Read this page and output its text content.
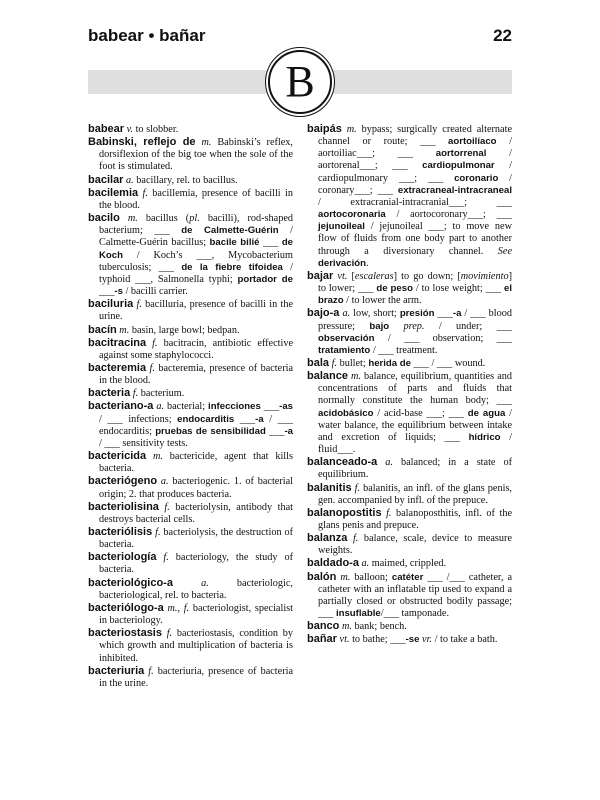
babear • bañar	22
B

babear v. to slobber.

Babinski, reflejo de m. Babinski’s reflex, dorsiflexion of the big toe when the sole of the foot is stimulated.

bacilar a. bacillary, rel. to bacillus.

bacilemia f. bacillemia, presence of bacilli in the blood.

bacilo m. bacillus (pl. bacilli), rod-shaped bacterium; ___ de Calmette-Guérin / Calmette-Guérin bacillus; bacile bilié ___ de Koch / Koch’s ___, Mycobacterium tuberculosis; ___ de la fiebre tifoidea / typhoid ___, Salmonella typhi; portador de ___-s / bacilli carrier.

baciluria f. bacilluria, presence of bacilli in the urine.

bacín m. basin, large bowl; bedpan.

bacitracina f. bacitracin, antibiotic effective against some staphylococci.

bacteremia f. bacteremia, presence of bacteria in the blood.

bacteria f. bacterium.

bacteriano-a a. bacterial; infecciones ___-as / ___ infections; endocarditis ___-a / ___ endocarditis; pruebas de sensibilidad ___-a / ___ sensitivity tests.

bactericida m. bactericide, agent that kills bacteria.

bacteriógeno a. bacteriogenic. 1. of bacterial origin; 2. that produces bacteria.

bacteriolisina f. bacteriolysin, antibody that destroys bacterial cells.

bacteriólisis f. bacteriolysis, the destruction of bacteria.

bacteriología f. bacteriology, the study of bacteria.

bacteriológico-a	a. bacteriologic, bacteriological, rel. to bacteria.

bacteriólogo-a m., f. bacteriologist, specialist in bacteriology.

bacteriostasis f. bacteriostasis, condition by which growth and multiplication of bacteria is inhibited.

bacteriuria f. bacteriuria, presence of bacteria in the urine.

baipás m. bypass; surgically created alternate channel or route; ___ aortoilíaco / aortoiliac___; ___ aortorrenal / aortorenal___; ___ cardiopulmonar / cardiopulmonary ___; ___ coronario / coronary___; ___ extracraneal-intracraneal / extracranial-intracranial___; ___ aortocoronaria / aortocoronary___; ___ jejunoileal / jejunoileal ___; to move new flow of fluids from one body part to another through a diversionary channel. See derivación.

bajar vt. [escaleras] to go down; [movimiento] to lower; ___ de peso / to lose weight; ___ el brazo / to lower the arm.

bajo-a a. low, short; presión ___-a / ___ blood pressure; bajo prep. / under; ___ observación / ___ observation; ___ tratamiento / ___ treatment.

bala f. bullet; herida de ___ / ___ wound.

balance m. balance, equilibrium, quantities and concentrations of parts and fluids that normally constitute the human body; ___ acidobásico / acid-base ___; ___ de agua / water balance, the equilibrium between intake and excretion of liquids; ___ hídrico / fluid___.

balanceado-a a. balanced; in a state of equilibrium.

balanitis f. balanitis, an infl. of the glans penis, gen. accompanied by infl. of the prepuce.

balanopostitis f. balanoposthitis, infl. of the glans penis and prepuce.

balanza f. balance, scale, device to measure weights.

baldado-a a. maimed, crippled.

balón m. balloon; catéter ___ /___ catheter, a catheter with an inflatable tip used to expand a partially closed or obstructed bodily passage; ___ insuflable/___ tamponade.

banco m. bank; bench.

bañar vt. to bathe; ___-se vr. / to take a bath.
